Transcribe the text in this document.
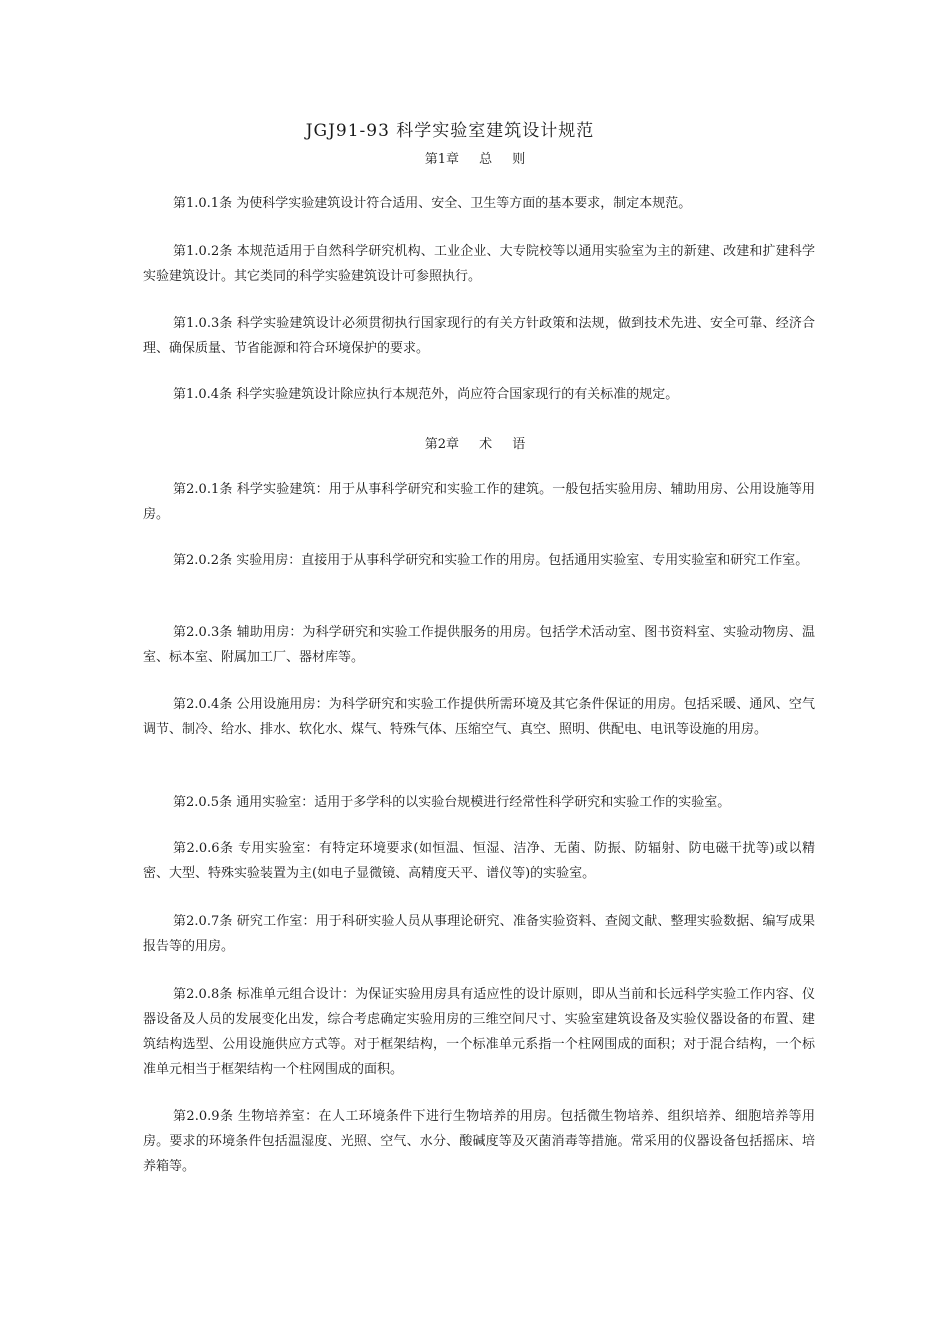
JGJ91-93 科学实验室建筑设计规范
第1章 总 则

第1.0.1条 为使科学实验建筑设计符合适用、安全、卫生等方面的基本要求，制定本规范。

第1.0.2条 本规范适用于自然科学研究机构、工业企业、大专院校等以通用实验室为主的新建、改建和扩建科学实验建筑设计。其它类同的科学实验建筑设计可参照执行。

第1.0.3条 科学实验建筑设计必须贯彻执行国家现行的有关方针政策和法规，做到技术先进、安全可靠、经济合理、确保质量、节省能源和符合环境保护的要求。

第1.0.4条 科学实验建筑设计除应执行本规范外，尚应符合国家现行的有关标准的规定。

第2章 术 语

第2.0.1条 科学实验建筑：用于从事科学研究和实验工作的建筑。一般包括实验用房、辅助用房、公用设施等用房。

第2.0.2条 实验用房：直接用于从事科学研究和实验工作的用房。包括通用实验室、专用实验室和研究工作室。

第2.0.3条 辅助用房：为科学研究和实验工作提供服务的用房。包括学术活动室、图书资料室、实验动物房、温室、标本室、附属加工厂、器材库等。

第2.0.4条 公用设施用房：为科学研究和实验工作提供所需环境及其它条件保证的用房。包括采暖、通风、空气调节、制冷、给水、排水、软化水、煤气、特殊气体、压缩空气、真空、照明、供配电、电讯等设施的用房。

第2.0.5条 通用实验室：适用于多学科的以实验台规模进行经常性科学研究和实验工作的实验室。

第2.0.6条 专用实验室：有特定环境要求(如恒温、恒湿、洁净、无菌、防振、防辐射、防电磁干扰等)或以精密、大型、特殊实验装置为主(如电子显微镜、高精度天平、谱仪等)的实验室。

第2.0.7条 研究工作室：用于科研实验人员从事理论研究、准备实验资料、查阅文献、整理实验数据、编写成果报告等的用房。

第2.0.8条 标准单元组合设计：为保证实验用房具有适应性的设计原则，即从当前和长远科学实验工作内容、仪器设备及人员的发展变化出发，综合考虑确定实验用房的三维空间尺寸、实验室建筑设备及实验仪器设备的布置、建筑结构选型、公用设施供应方式等。对于框架结构，一个标准单元系指一个柱网围成的面积；对于混合结构，一个标准单元相当于框架结构一个柱网围成的面积。

第2.0.9条 生物培养室：在人工环境条件下进行生物培养的用房。包括微生物培养、组织培养、细胞培养等用房。要求的环境条件包括温湿度、光照、空气、水分、酸碱度等及灭菌消毒等措施。常采用的仪器设备包括摇床、培养箱等。
